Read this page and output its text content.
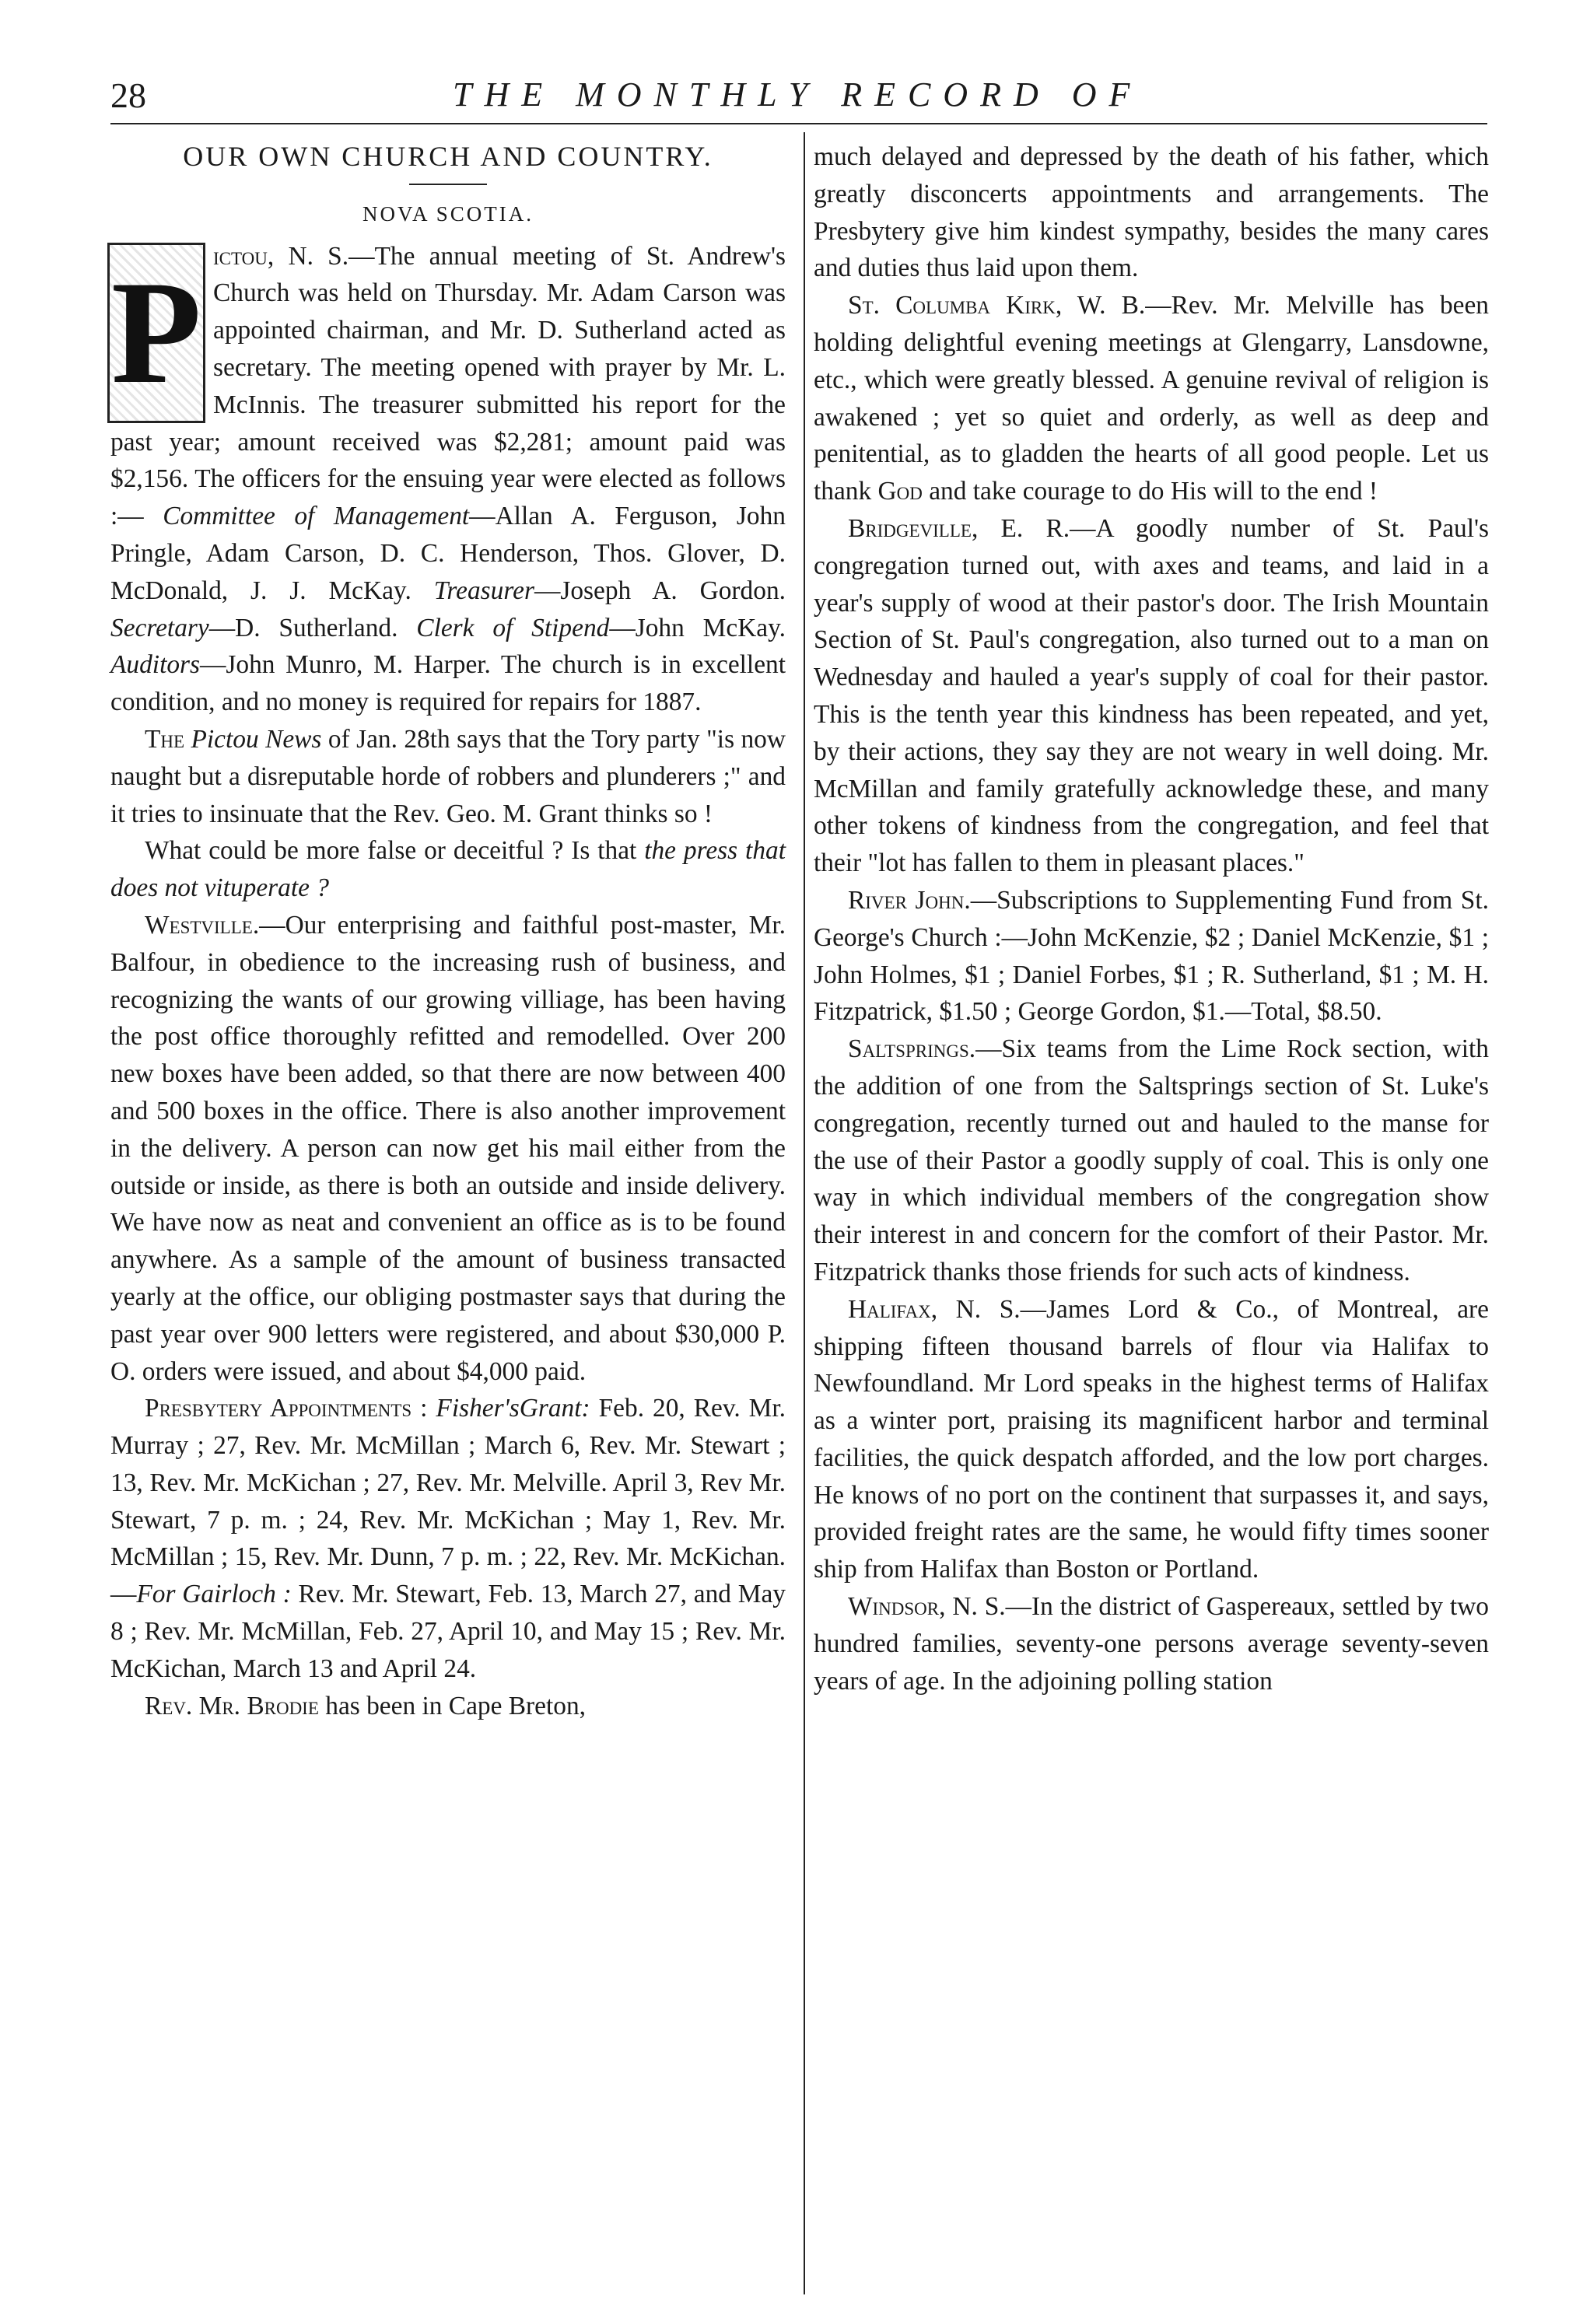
28	THE MONTHLY RECORD OF
OUR OWN CHURCH AND COUNTRY.
NOVA SCOTIA.

P ictou, N. S.—The annual meeting of St. Andrew's Church was held on Thursday. Mr. Adam Carson was appointed chairman, and Mr. D. Sutherland acted as secretary. The meeting opened with prayer by Mr. L. McInnis. The treasurer submitted his report for the past year; amount received was $2,281; amount paid was $2,156. The officers for the ensuing year were elected as follows :— Committee of Management—Allan A. Ferguson, John Pringle, Adam Carson, D. C. Henderson, Thos. Glover, D. McDonald, J. J. McKay. Treasurer—Joseph A. Gordon. Secretary—D. Sutherland. Clerk of Stipend—John McKay. Auditors—John Munro, M. Harper. The church is in excellent condition, and no money is required for repairs for 1887.

The Pictou News of Jan. 28th says that the Tory party "is now naught but a disreputable horde of robbers and plunderers ;" and it tries to insinuate that the Rev. Geo. M. Grant thinks so !

What could be more false or deceitful ? Is that the press that does not vituperate ?

Westville.—Our enterprising and faithful post-master, Mr. Balfour, in obedience to the increasing rush of business, and recognizing the wants of our growing villiage, has been having the post office thoroughly refitted and remodelled. Over 200 new boxes have been added, so that there are now between 400 and 500 boxes in the office. There is also another improvement in the delivery. A person can now get his mail either from the outside or inside, as there is both an outside and inside delivery. We have now as neat and convenient an office as is to be found anywhere. As a sample of the amount of business transacted yearly at the office, our obliging postmaster says that during the past year over 900 letters were registered, and about $30,000 P. O. orders were issued, and about $4,000 paid.

Presbytery Appointments : Fisher'sGrant: Feb. 20, Rev. Mr. Murray ; 27, Rev. Mr. McMillan ; March 6, Rev. Mr. Stewart ; 13, Rev. Mr. McKichan ; 27, Rev. Mr. Melville. April 3, Rev Mr. Stewart, 7 p. m. ; 24, Rev. Mr. McKichan ; May 1, Rev. Mr. McMillan ; 15, Rev. Mr. Dunn, 7 p. m. ; 22, Rev. Mr. McKichan.—For Gairloch : Rev. Mr. Stewart, Feb. 13, March 27, and May 8 ; Rev. Mr. McMillan, Feb. 27, April 10, and May 15 ; Rev. Mr. McKichan, March 13 and April 24.

Rev. Mr. Brodie has been in Cape Breton,

much delayed and depressed by the death of his father, which greatly disconcerts appointments and arrangements. The Presbytery give him kindest sympathy, besides the many cares and duties thus laid upon them.

St. Columba Kirk, W. B.—Rev. Mr. Melville has been holding delightful evening meetings at Glengarry, Lansdowne, etc., which were greatly blessed. A genuine revival of religion is awakened ; yet so quiet and orderly, as well as deep and penitential, as to gladden the hearts of all good people. Let us thank God and take courage to do His will to the end !

Bridgeville, E. R.—A goodly number of St. Paul's congregation turned out, with axes and teams, and laid in a year's supply of wood at their pastor's door. The Irish Mountain Section of St. Paul's congregation, also turned out to a man on Wednesday and hauled a year's supply of coal for their pastor. This is the tenth year this kindness has been repeated, and yet, by their actions, they say they are not weary in well doing. Mr. McMillan and family gratefully acknowledge these, and many other tokens of kindness from the congregation, and feel that their "lot has fallen to them in pleasant places."

River John.—Subscriptions to Supplementing Fund from St. George's Church :—John McKenzie, $2 ; Daniel McKenzie, $1 ; John Holmes, $1 ; Daniel Forbes, $1 ; R. Sutherland, $1 ; M. H. Fitzpatrick, $1.50 ; George Gordon, $1.—Total, $8.50.

Saltsprings.—Six teams from the Lime Rock section, with the addition of one from the Saltsprings section of St. Luke's congregation, recently turned out and hauled to the manse for the use of their Pastor a goodly supply of coal. This is only one way in which individual members of the congregation show their interest in and concern for the comfort of their Pastor. Mr. Fitzpatrick thanks those friends for such acts of kindness.

Halifax, N. S.—James Lord & Co., of Montreal, are shipping fifteen thousand barrels of flour via Halifax to Newfoundland. Mr Lord speaks in the highest terms of Halifax as a winter port, praising its magnificent harbor and terminal facilities, the quick despatch afforded, and the low port charges. He knows of no port on the continent that surpasses it, and says, provided freight rates are the same, he would fifty times sooner ship from Halifax than Boston or Portland.

Windsor, N. S.—In the district of Gaspereaux, settled by two hundred families, seventy-one persons average seventy-seven years of age. In the adjoining polling station
